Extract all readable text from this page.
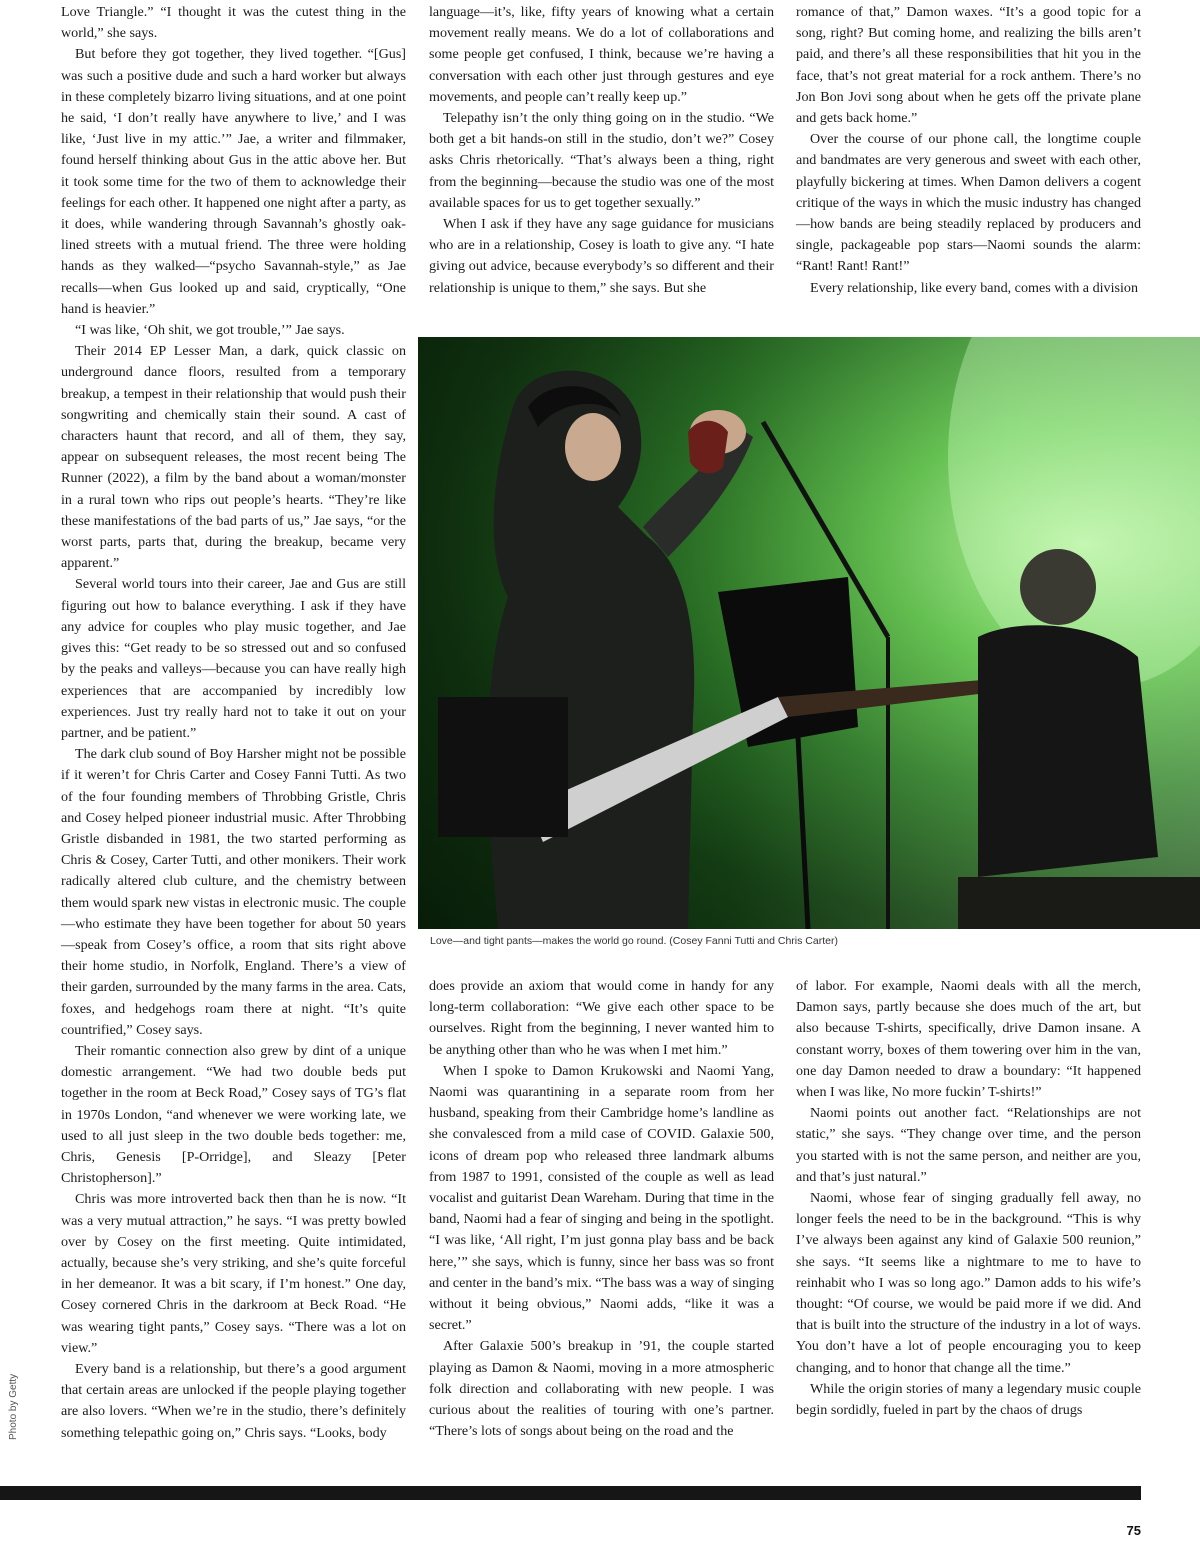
Love Triangle.” “I thought it was the cutest thing in the world,” she says.

But before they got together, they lived together. “[Gus] was such a positive dude and such a hard worker but always in these completely bizarro living situations, and at one point he said, ‘I don’t really have anywhere to live,’ and I was like, ‘Just live in my attic.’” Jae, a writer and filmmaker, found herself thinking about Gus in the attic above her. But it took some time for the two of them to acknowledge their feelings for each other. It happened one night after a party, as it does, while wandering through Savannah’s ghostly oak-lined streets with a mutual friend. The three were holding hands as they walked—“psycho Savannah-style,” as Jae recalls—when Gus looked up and said, cryptically, “One hand is heavier.”

“I was like, ‘Oh shit, we got trouble,’” Jae says.

Their 2014 EP Lesser Man, a dark, quick classic on underground dance floors, resulted from a temporary breakup, a tempest in their relationship that would push their songwriting and chemically stain their sound. A cast of characters haunt that record, and all of them, they say, appear on subsequent releases, the most recent being The Runner (2022), a film by the band about a woman/monster in a rural town who rips out people’s hearts. “They’re like these manifestations of the bad parts of us,” Jae says, “or the worst parts, parts that, during the breakup, became very apparent.”

Several world tours into their career, Jae and Gus are still figuring out how to balance everything. I ask if they have any advice for couples who play music together, and Jae gives this: “Get ready to be so stressed out and so confused by the peaks and valleys—because you can have really high experiences that are accompanied by incredibly low experiences. Just try really hard not to take it out on your partner, and be patient.”

The dark club sound of Boy Harsher might not be possible if it weren’t for Chris Carter and Cosey Fanni Tutti. As two of the four founding members of Throbbing Gristle, Chris and Cosey helped pioneer industrial music. After Throbbing Gristle disbanded in 1981, the two started performing as Chris & Cosey, Carter Tutti, and other monikers. Their work radically altered club culture, and the chemistry between them would spark new vistas in electronic music. The couple—who estimate they have been together for about 50 years—speak from Cosey’s office, a room that sits right above their home studio, in Norfolk, England. There’s a view of their garden, surrounded by the many farms in the area. Cats, foxes, and hedgehogs roam there at night. “It’s quite countrified,” Cosey says.

Their romantic connection also grew by dint of a unique domestic arrangement. “We had two double beds put together in the room at Beck Road,” Cosey says of TG’s flat in 1970s London, “and whenever we were working late, we used to all just sleep in the two double beds together: me, Chris, Genesis [P-Orridge], and Sleazy [Peter Christopherson].”

Chris was more introverted back then than he is now. “It was a very mutual attraction,” he says. “I was pretty bowled over by Cosey on the first meeting. Quite intimidated, actually, because she’s very striking, and she’s quite forceful in her demeanor. It was a bit scary, if I’m honest.” One day, Cosey cornered Chris in the darkroom at Beck Road. “He was wearing tight pants,” Cosey says. “There was a lot on view.”

Every band is a relationship, but there’s a good argument that certain areas are unlocked if the people playing together are also lovers. “When we’re in the studio, there’s definitely something telepathic going on,” Chris says. “Looks, body

language—it’s, like, fifty years of knowing what a certain movement really means. We do a lot of collaborations and some people get confused, I think, because we’re having a conversation with each other just through gestures and eye movements, and people can’t really keep up.”

Telepathy isn’t the only thing going on in the studio. “We both get a bit hands-on still in the studio, don’t we?” Cosey asks Chris rhetorically. “That’s always been a thing, right from the beginning—because the studio was one of the most available spaces for us to get together sexually.”

When I ask if they have any sage guidance for musicians who are in a relationship, Cosey is loath to give any. “I hate giving out advice, because everybody’s so different and their relationship is unique to them,” she says. But she

romance of that,” Damon waxes. “It’s a good topic for a song, right? But coming home, and realizing the bills aren’t paid, and there’s all these responsibilities that hit you in the face, that’s not great material for a rock anthem. There’s no Jon Bon Jovi song about when he gets off the private plane and gets back home.”

Over the course of our phone call, the longtime couple and bandmates are very generous and sweet with each other, playfully bickering at times. When Damon delivers a cogent critique of the ways in which the music industry has changed—how bands are being steadily replaced by producers and single, packageable pop stars—Naomi sounds the alarm: “Rant! Rant! Rant!”

Every relationship, like every band, comes with a division

Love—and tight pants—makes the world go round. (Cosey Fanni Tutti and Chris Carter)

does provide an axiom that would come in handy for any long-term collaboration: “We give each other space to be ourselves. Right from the beginning, I never wanted him to be anything other than who he was when I met him.”

When I spoke to Damon Krukowski and Naomi Yang, Naomi was quarantining in a separate room from her husband, speaking from their Cambridge home’s landline as she convalesced from a mild case of COVID. Galaxie 500, icons of dream pop who released three landmark albums from 1987 to 1991, consisted of the couple as well as lead vocalist and guitarist Dean Wareham. During that time in the band, Naomi had a fear of singing and being in the spotlight. “I was like, ‘All right, I’m just gonna play bass and be back here,’” she says, which is funny, since her bass was so front and center in the band’s mix. “The bass was a way of singing without it being obvious,” Naomi adds, “like it was a secret.”

After Galaxie 500’s breakup in ’91, the couple started playing as Damon & Naomi, moving in a more atmospheric folk direction and collaborating with new people. I was curious about the realities of touring with one’s partner. “There’s lots of songs about being on the road and the

of labor. For example, Naomi deals with all the merch, Damon says, partly because she does much of the art, but also because T-shirts, specifically, drive Damon insane. A constant worry, boxes of them towering over him in the van, one day Damon needed to draw a boundary: “It happened when I was like, No more fuckin’ T-shirts!”

Naomi points out another fact. “Relationships are not static,” she says. “They change over time, and the person you started with is not the same person, and neither are you, and that’s just natural.”

Naomi, whose fear of singing gradually fell away, no longer feels the need to be in the background. “This is why I’ve always been against any kind of Galaxie 500 reunion,” she says. “It seems like a nightmare to me to have to reinhabit who I was so long ago.” Damon adds to his wife’s thought: “Of course, we would be paid more if we did. And that is built into the structure of the industry in a lot of ways. You don’t have a lot of people encouraging you to keep changing, and to honor that change all the time.”

While the origin stories of many a legendary music couple begin sordidly, fueled in part by the chaos of drugs

Photo by Getty
75
